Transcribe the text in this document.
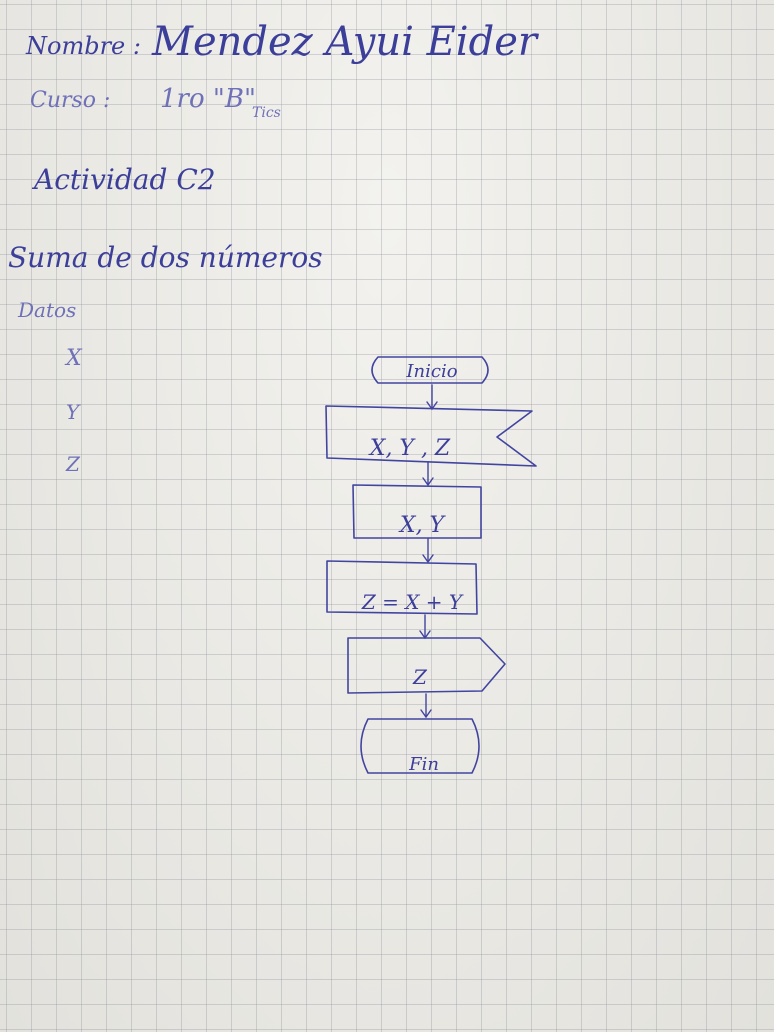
Nombre : Mendez Ayui Eider
Curso : 1ro "B"
Tics
Actividad C2
Suma de dos números
Datos
X
Y
Z
Inicio
X, Y , Z
X, Y
Z = X + Y
Z
Fin
